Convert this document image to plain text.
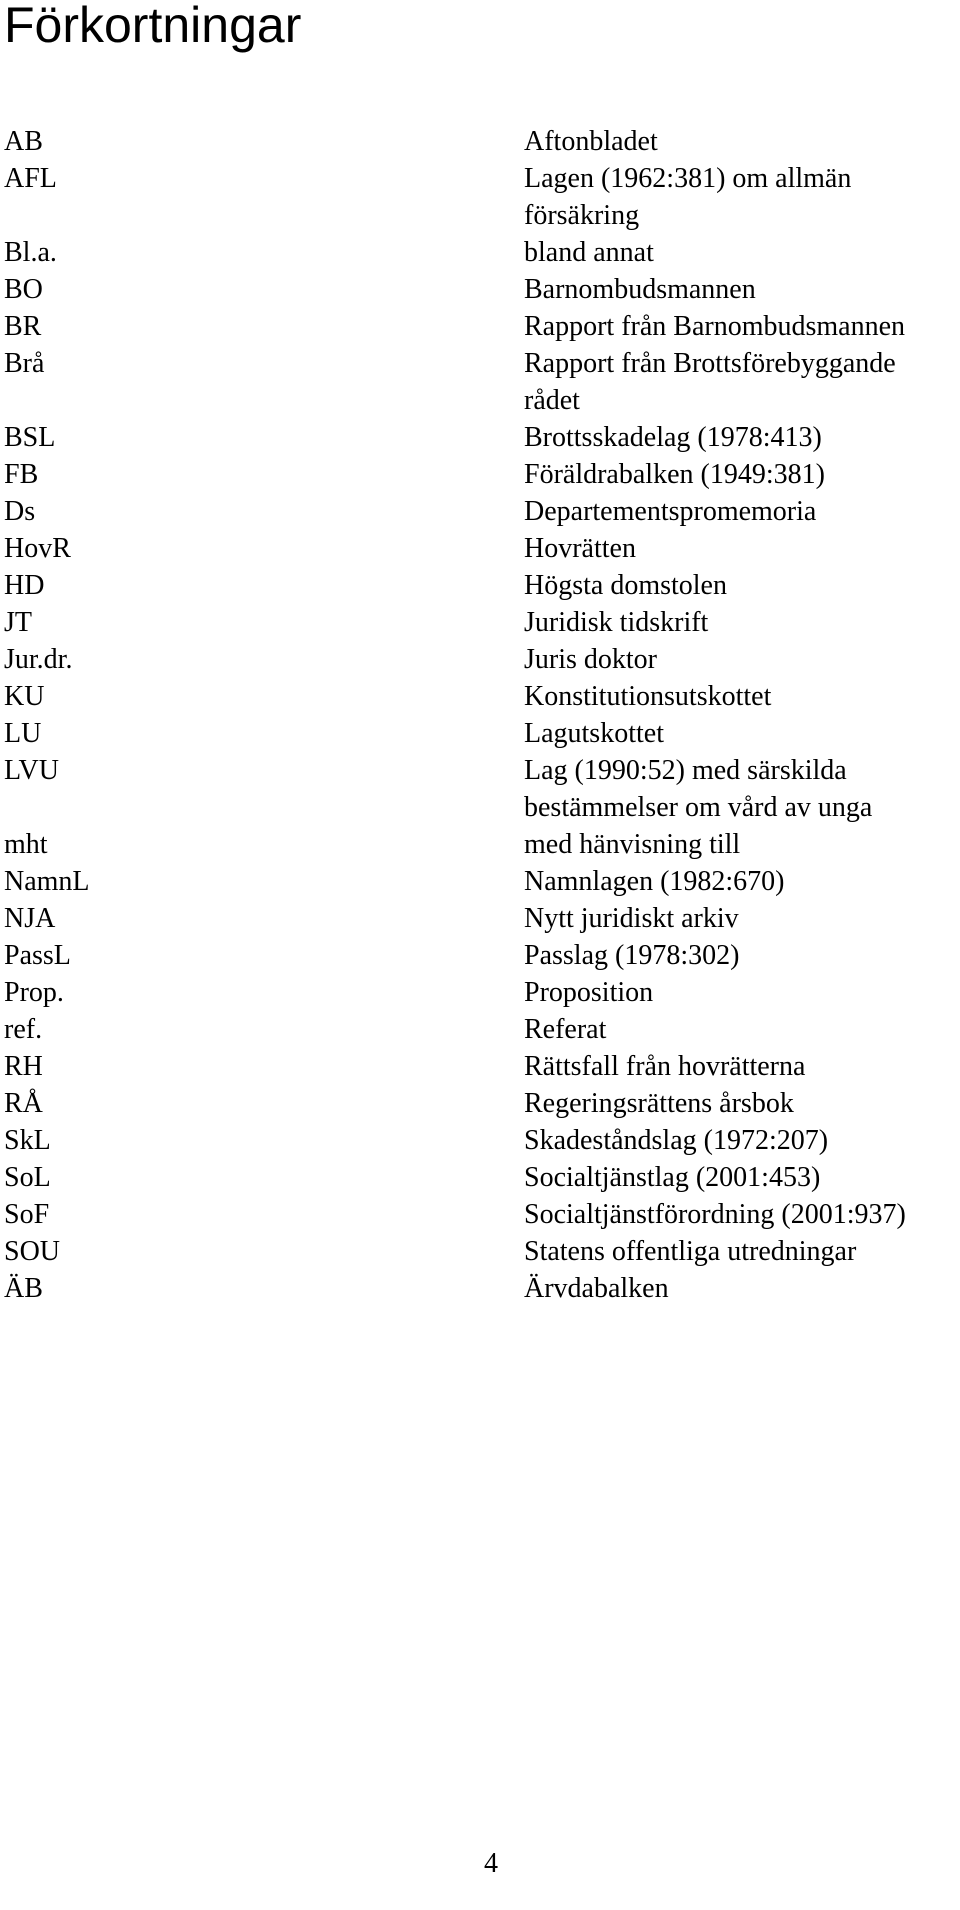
Förkortningar
AB	Aftonbladet
AFL	Lagen (1962:381) om allmän
försäkring
Bl.a.	bland annat
BO	Barnombudsmannen
BR	Rapport från Barnombudsmannen
Brå	Rapport från Brottsförebyggande
rådet
BSL	Brottsskadelag (1978:413)
FB	Föräldrabalken (1949:381)
Ds	Departementspromemoria
HovR	Hovrätten
HD	Högsta domstolen
JT	Juridisk tidskrift
Jur.dr.	Juris doktor
KU	Konstitutionsutskottet
LU	Lagutskottet
LVU	Lag (1990:52) med särskilda
bestämmelser om vård av unga
mht	med hänvisning till
NamnL	Namnlagen (1982:670)
NJA	Nytt juridiskt arkiv
PassL	Passlag (1978:302)
Prop.	Proposition
ref.	Referat
RH	Rättsfall från hovrätterna
RÅ	Regeringsrättens årsbok
SkL	Skadeståndslag (1972:207)
SoL	Socialtjänstlag (2001:453)
SoF	Socialtjänstförordning (2001:937)
SOU	Statens offentliga utredningar
ÄB	Ärvdabalken
4
